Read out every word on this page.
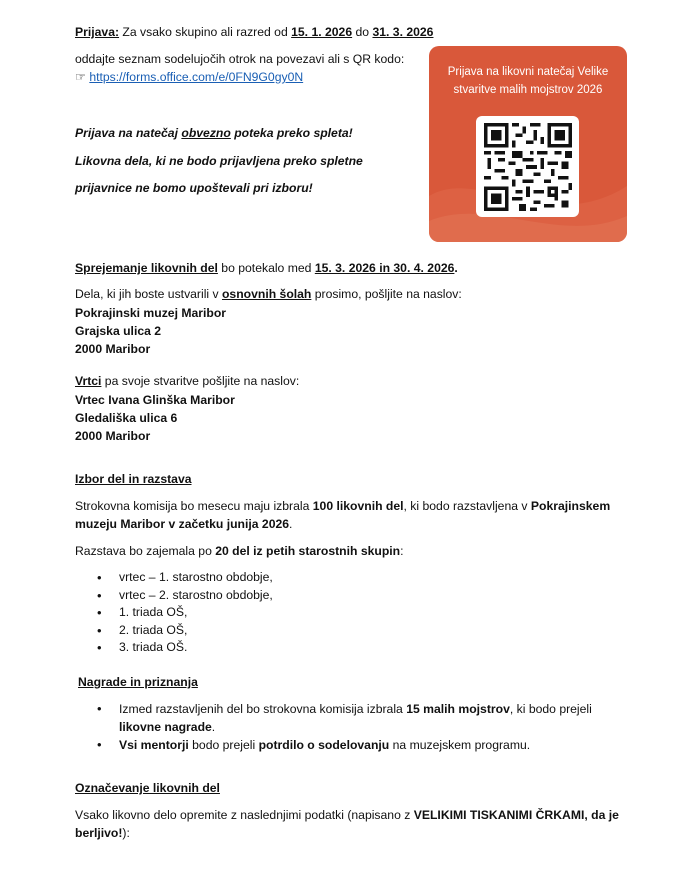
Prijava: Za vsako skupino ali razred od 15. 1. 2026 do 31. 3. 2026

oddajte seznam sodelujočih otrok na povezavi ali s QR kodo:

☞ https://forms.office.com/e/0FN9G0gy0N

Prijava na natečaj obvezno poteka preko spleta!

Likovna dela, ki ne bodo prijavljena preko spletne

prijavnice ne bomo upoštevali pri izboru!

Prijava na likovni natečaj Velike stvaritve malih mojstrov 2026

Sprejemanje likovnih del bo potekalo med 15. 3. 2026 in 30. 4. 2026.

Dela, ki jih boste ustvarili v osnovnih šolah prosimo, pošljite na naslov:

Pokrajinski muzej Maribor
Grajska ulica 2
2000 Maribor

Vrtci pa svoje stvaritve pošljite na naslov:

Vrtec Ivana Glinška Maribor
Gledališka ulica 6
2000 Maribor

Izbor del in razstava

Strokovna komisija bo mesecu maju izbrala 100 likovnih del, ki bodo razstavljena v Pokrajinskem muzeju Maribor v začetku junija 2026.

Razstava bo zajemala po 20 del iz petih starostnih skupin:

• vrtec – 1. starostno obdobje,
• vrtec – 2. starostno obdobje,
• 1. triada OŠ,
• 2. triada OŠ,
• 3. triada OŠ.

Nagrade in priznanja

• Izmed razstavljenih del bo strokovna komisija izbrala 15 malih mojstrov, ki bodo prejeli likovne nagrade.
• Vsi mentorji bodo prejeli potrdilo o sodelovanju na muzejskem programu.

Označevanje likovnih del

Vsako likovno delo opremite z naslednjimi podatki (napisano z VELIKIMI TISKANIMI ČRKAMI, da je berljivo!):
